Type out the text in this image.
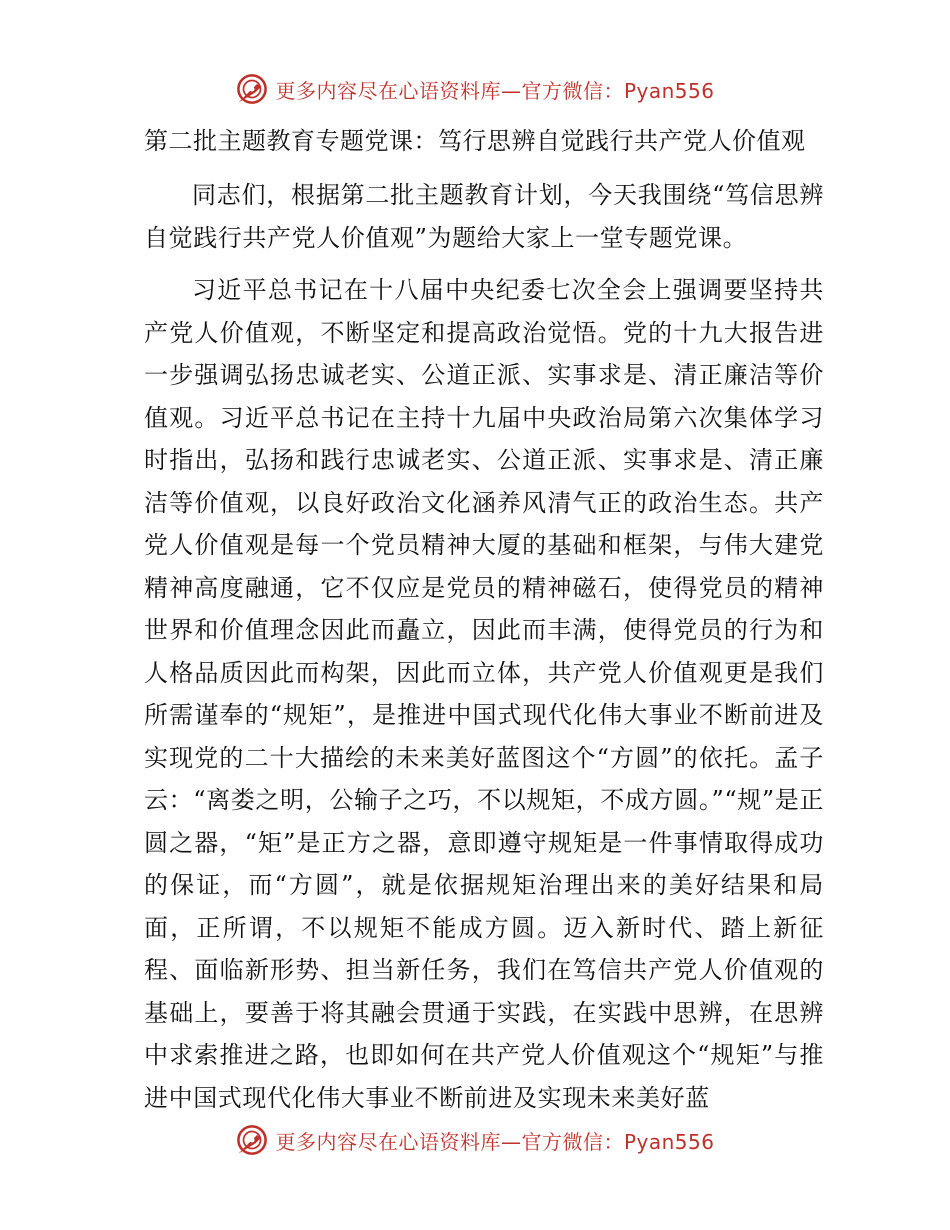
更多内容尽在心语资料库—官方微信：Pyan556
第二批主题教育专题党课：笃行思辨自觉践行共产党人价值观

同志们，根据第二批主题教育计划，今天我围绕“笃信思辨自觉践行共产党人价值观”为题给大家上一堂专题党课。

习近平总书记在十八届中央纪委七次全会上强调要坚持共产党人价值观，不断坚定和提高政治觉悟。党的十九大报告进一步强调弘扬忠诚老实、公道正派、实事求是、清正廉洁等价值观。习近平总书记在主持十九届中央政治局第六次集体学习时指出，弘扬和践行忠诚老实、公道正派、实事求是、清正廉洁等价值观，以良好政治文化涵养风清气正的政治生态。共产党人价值观是每一个党员精神大厦的基础和框架，与伟大建党精神高度融通，它不仅应是党员的精神磁石，使得党员的精神世界和价值理念因此而矗立，因此而丰满，使得党员的行为和人格品质因此而构架，因此而立体，共产党人价值观更是我们所需谨奉的“规矩”，是推进中国式现代化伟大事业不断前进及实现党的二十大描绘的未来美好蓝图这个“方圆”的依托。孟子云：“离娄之明，公输子之巧，不以规矩，不成方圆。”“规”是正圆之器，“矩”是正方之器，意即遵守规矩是一件事情取得成功的保证，而“方圆”，就是依据规矩治理出来的美好结果和局面，正所谓，不以规矩不能成方圆。迈入新时代、踏上新征程、面临新形势、担当新任务，我们在笃信共产党人价值观的基础上，要善于将其融会贯通于实践，在实践中思辨，在思辨中求索推进之路，也即如何在共产党人价值观这个“规矩”与推进中国式现代化伟大事业不断前进及实现未来美好蓝

更多内容尽在心语资料库—官方微信：Pyan556
